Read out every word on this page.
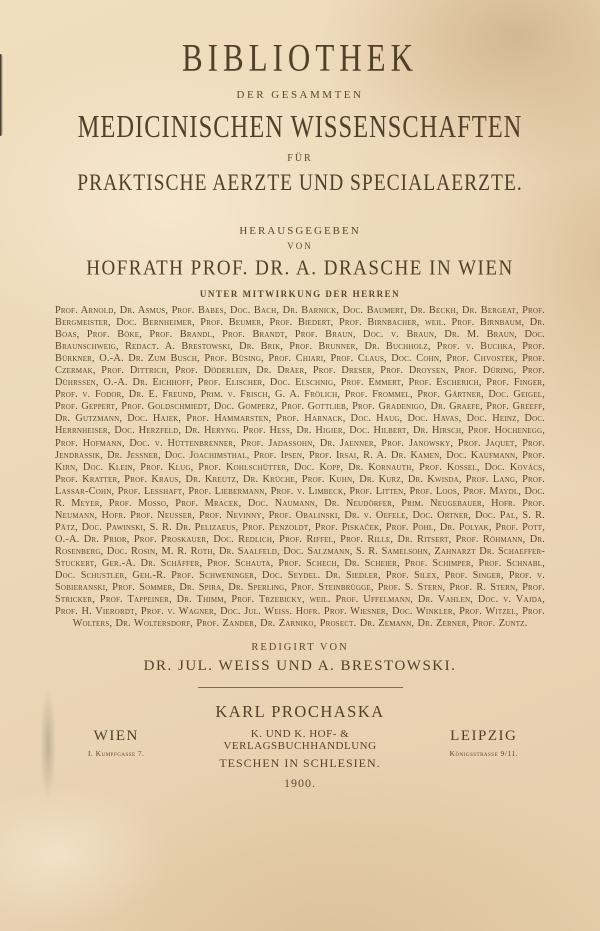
BIBLIOTHEK
DER GESAMMTEN
MEDICINISCHEN WISSENSCHAFTEN
FÜR
PRAKTISCHE AERZTE UND SPECIALAERZTE.
HERAUSGEGEBEN
VON
HOFRATH PROF. DR. A. DRASCHE IN WIEN
UNTER MITWIRKUNG DER HERREN
Prof. Arnold, Dr. Asmus, Prof. Babes, Doc. Bach, Dr. Barnick, Doc. Baumert, Dr. Beckh, Dr. Bergeat, Prof. Bergmeister, Doc. Bernheimer, Prof. Beumer, Prof. Biedert, Prof. Birnbacher, weil. Prof. Birnbaum, Dr. Boas, Prof. Böke, Prof. Brandl, Prof. Brandt, Prof. Braun, Doc. v. Braun, Dr. M. Braun, Doc. Braunschweig, Redact. A. Brestowski, Dr. Brik, Prof. Brunner, Dr. Buchholz, Prof. v. Buchka, Prof. Bürkner, O.-A. Dr. Zum Busch, Prof. Büsing, Prof. Chiari, Prof. Claus, Doc. Cohn, Prof. Chvostek, Prof. Czermak, Prof. Dittrich, Prof. Döderlein, Dr. Dräer, Prof. Dreser, Prof. Droysen, Prof. Düring, Prof. Dührssen, O.-A. Dr. Eichhoff, Prof. Elischer, Doc. Elschnig, Prof. Emmert, Prof. Escherich, Prof. Finger, Prof. v. Fodor, Dr. E. Freund, Prim. v. Frisch, G. A. Frölich, Prof. Frommel, Prof. Gärtner, Doc. Geigel, Prof. Geppert, Prof. Goldschmiedt, Doc. Gomperz, Prof. Gottlieb, Prof. Gradenigo, Dr. Graefe, Prof. Greeff, Dr. Gutzmann, Doc. Hajek, Prof. Hammarsten, Prof. Harnack, Doc. Haug, Doc. Havas, Doc. Heinz, Doc. Herrnheiser, Doc. Herzfeld, Dr. Heryng. Prof. Hess, Dr. Higier, Doc. Hilbert, Dr. Hirsch, Prof. Hochenegg, Prof. Hofmann, Doc. v. Hüttenbrenner, Prof. Jadassohn, Dr. Jaenner, Prof. Janowsky, Prof. Jaquet, Prof. Jendrassik, Dr. Jessner, Doc. Joachimsthal, Prof. Ipsen, Prof. Irsai, R. A. Dr. Kamen, Doc. Kaufmann, Prof. Kirn, Doc. Klein, Prof. Klug, Prof. Kohlschütter, Doc. Kopp, Dr. Kornauth, Prof. Kossel, Doc. Kovács, Prof. Kratter, Prof. Kraus, Dr. Kreutz, Dr. Krüche, Prof. Kuhn, Dr. Kurz, Dr. Kwisda, Prof. Lang, Prof. Lassar-Cohn, Prof. Lesshaft, Prof. Liebermann, Prof. v. Limbeck, Prof. Litten, Prof. Loos, Prof. Maydl, Doc. R. Meyer, Prof. Mosso, Prof. Mracek, Doc. Naumann, Dr. Neudörfer, Prim. Neugebauer, Hofr. Prof. Neumann, Hofr. Prof. Neusser, Prof. Nevinny, Prof. Obalinski, Dr. v. Oefele, Doc. Ortner, Doc. Pal, S. R. Pätz, Doc. Pawinski, S. R. Dr. Pelizaeus, Prof. Penzoldt, Prof. Piskaček, Prof. Pohl, Dr. Polyak, Prof. Pott, O.-A. Dr. Prior, Prof. Proskauer, Doc. Redlich, Prof. Riffel, Prof. Rille, Dr. Ritsert, Prof. Röhmann, Dr. Rosenberg, Doc. Rosin, M. R. Roth, Dr. Saalfeld, Doc. Salzmann, S. R. Samelsohn, Zahnarzt Dr. Schaeffer-Stuckert, Ger.-A. Dr. Schäffer, Prof. Schauta, Prof. Schech, Dr. Scheier, Prof. Schimper, Prof. Schnabl, Doc. Schustler, Geh.-R. Prof. Schweninger, Doc. Seydel. Dr. Siedler, Prof. Silex, Prof. Singer, Prof. v. Sobieranski, Prof. Sommer, Dr. Spira, Dr. Sperling, Prof. Steinbrügge, Prof. S. Stern, Prof. R. Stern, Prof. Stricker, Prof. Tappeiner, Dr. Thimm, Prof. Trzebicky, weil. Prof. Uffelmann, Dr. Vahlen, Doc. v. Vajda, Prof. H. Vierordt, Prof. v. Wagner, Doc. Jul. Weiss. Hofr. Prof. Wiesner, Doc. Winkler, Prof. Witzel, Prof. Wolters, Dr. Woltersdorf, Prof. Zander, Dr. Zarniko, Prosect. Dr. Zemann, Dr. Zerner, Prof. Zuntz.
REDIGIRT VON
DR. JUL. WEISS UND A. BRESTOWSKI.
KARL PROCHASKA
WIEN
I. Kumpfgasse 7.
K. UND K. HOF- & VERLAGSBUCHHANDLUNG
TESCHEN IN SCHLESIEN.
LEIPZIG
Königsstrasse 9/11.
1900.
